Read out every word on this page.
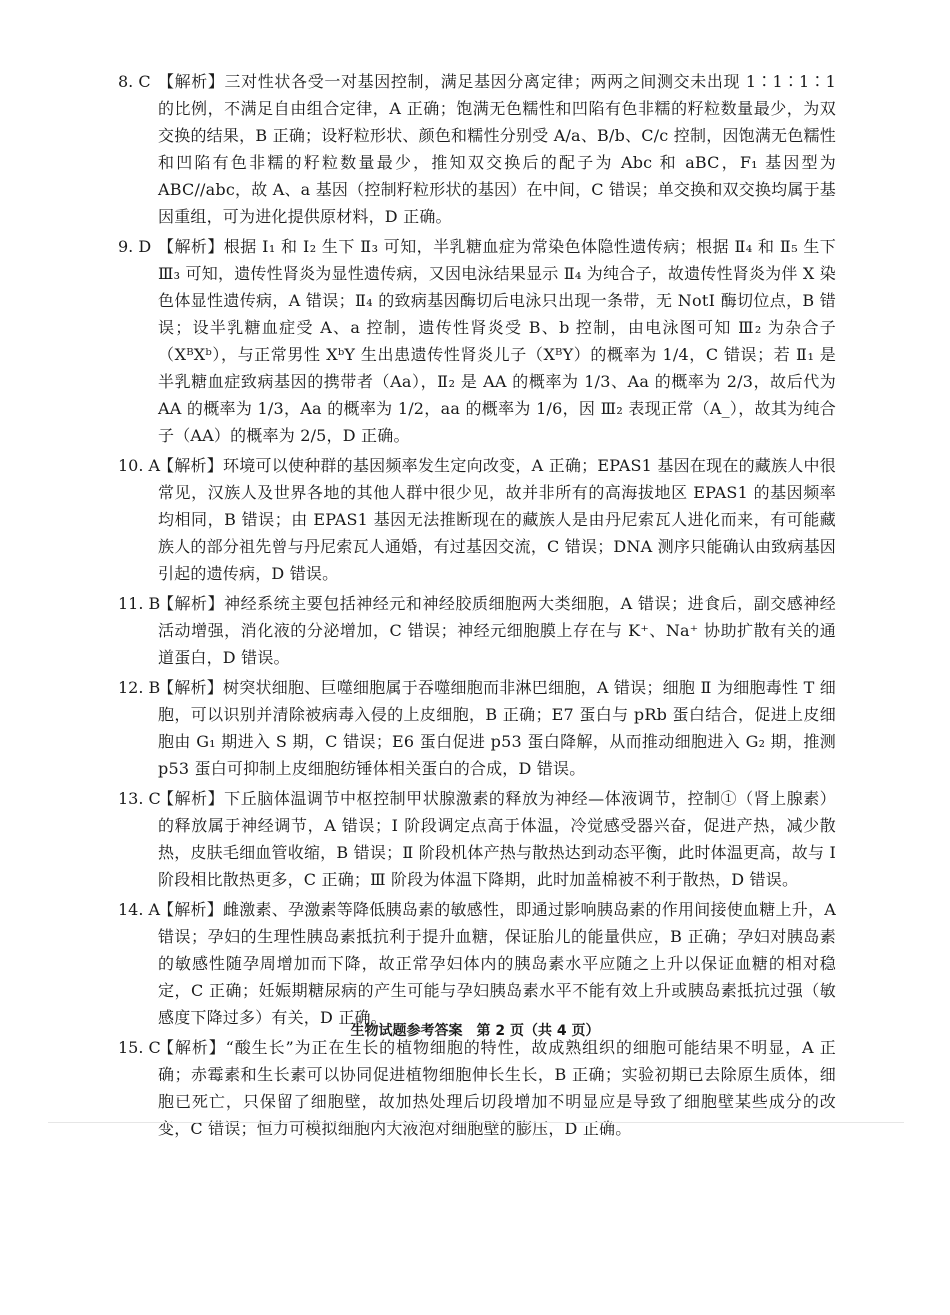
8. C 【解析】三对性状各受一对基因控制，满足基因分离定律；两两之间测交未出现 1∶1∶1∶1 的比例，不满足自由组合定律，A 正确；饱满无色糯性和凹陷有色非糯的籽粒数量最少，为双交换的结果，B 正确；设籽粒形状、颜色和糯性分别受 A/a、B/b、C/c 控制，因饱满无色糯性和凹陷有色非糯的籽粒数量最少，推知双交换后的配子为 Abc 和 aBC，F₁ 基因型为 ABC//abc，故 A、a 基因（控制籽粒形状的基因）在中间，C 错误；单交换和双交换均属于基因重组，可为进化提供原材料，D 正确。
9. D 【解析】根据 Ⅰ₁ 和 Ⅰ₂ 生下 Ⅱ₃ 可知，半乳糖血症为常染色体隐性遗传病；根据 Ⅱ₄ 和 Ⅱ₅ 生下 Ⅲ₃ 可知，遗传性肾炎为显性遗传病，又因电泳结果显示 Ⅱ₄ 为纯合子，故遗传性肾炎为伴 X 染色体显性遗传病，A 错误；Ⅱ₄ 的致病基因酶切后电泳只出现一条带，无 NotⅠ 酶切位点，B 错误；设半乳糖血症受 A、a 控制，遗传性肾炎受 B、b 控制，由电泳图可知 Ⅲ₂ 为杂合子（XᴮXᵇ），与正常男性 XᵇY 生出患遗传性肾炎儿子（XᴮY）的概率为 1/4，C 错误；若 Ⅱ₁ 是半乳糖血症致病基因的携带者（Aa），Ⅱ₂ 是 AA 的概率为 1/3、Aa 的概率为 2/3，故后代为 AA 的概率为 1/3，Aa 的概率为 1/2，aa 的概率为 1/6，因 Ⅲ₂ 表现正常（A_），故其为纯合子（AA）的概率为 2/5，D 正确。
10. A
【解析】环境可以使种群的基因频率发生定向改变，A 正确；EPAS1 基因在现在的藏族人中很常见，汉族人及世界各地的其他人群中很少见，故并非所有的高海拔地区 EPAS1 的基因频率均相同，B 错误；由 EPAS1 基因无法推断现在的藏族人是由丹尼索瓦人进化而来，有可能藏族人的部分祖先曾与丹尼索瓦人通婚，有过基因交流，C 错误；DNA 测序只能确认由致病基因引起的遗传病，D 错误。
11. B
【解析】神经系统主要包括神经元和神经胶质细胞两大类细胞，A 错误；进食后，副交感神经活动增强，消化液的分泌增加，C 错误；神经元细胞膜上存在与 K⁺、Na⁺ 协助扩散有关的通道蛋白，D 错误。
12. B
【解析】树突状细胞、巨噬细胞属于吞噬细胞而非淋巴细胞，A 错误；细胞 Ⅱ 为细胞毒性 T 细胞，可以识别并清除被病毒入侵的上皮细胞，B 正确；E7 蛋白与 pRb 蛋白结合，促进上皮细胞由 G₁ 期进入 S 期，C 错误；E6 蛋白促进 p53 蛋白降解，从而推动细胞进入 G₂ 期，推测 p53 蛋白可抑制上皮细胞纺锤体相关蛋白的合成，D 错误。
13. C
【解析】下丘脑体温调节中枢控制甲状腺激素的释放为神经—体液调节，控制①（肾上腺素）的释放属于神经调节，A 错误；Ⅰ 阶段调定点高于体温，冷觉感受器兴奋，促进产热，减少散热，皮肤毛细血管收缩，B 错误；Ⅱ 阶段机体产热与散热达到动态平衡，此时体温更高，故与 Ⅰ 阶段相比散热更多，C 正确；Ⅲ 阶段为体温下降期，此时加盖棉被不利于散热，D 错误。
14. A
【解析】雌激素、孕激素等降低胰岛素的敏感性，即通过影响胰岛素的作用间接使血糖上升，A 错误；孕妇的生理性胰岛素抵抗利于提升血糖，保证胎儿的能量供应，B 正确；孕妇对胰岛素的敏感性随孕周增加而下降，故正常孕妇体内的胰岛素水平应随之上升以保证血糖的相对稳定，C 正确；妊娠期糖尿病的产生可能与孕妇胰岛素水平不能有效上升或胰岛素抵抗过强（敏感度下降过多）有关，D 正确。
15. C
【解析】“酸生长”为正在生长的植物细胞的特性，故成熟组织的细胞可能结果不明显，A 正确；赤霉素和生长素可以协同促进植物细胞伸长生长，B 正确；实验初期已去除原生质体，细胞已死亡，只保留了细胞壁，故加热处理后切段增加不明显应是导致了细胞壁某些成分的改变，C 错误；恒力可模拟细胞内大液泡对细胞壁的膨压，D 正确。
生物试题参考答案　第 2 页（共 4 页）
